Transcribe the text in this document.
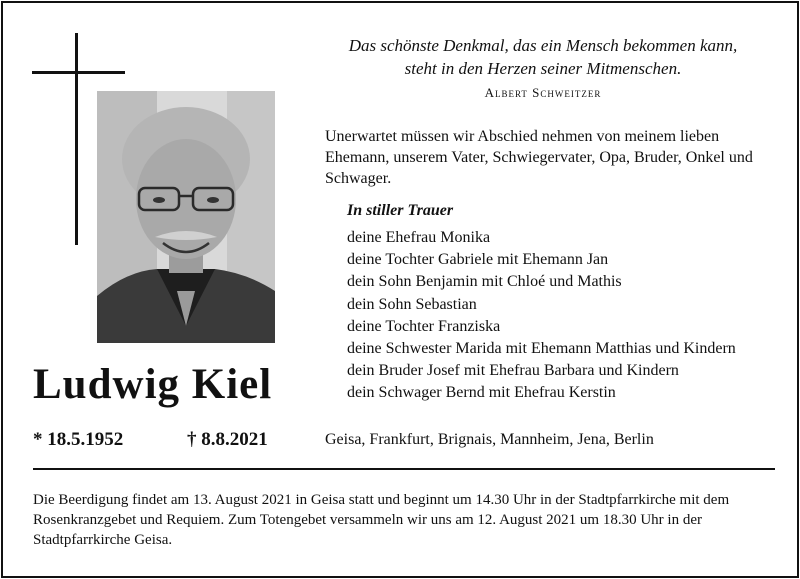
Ludwig Kiel
* 18.5.1952	† 8.8.2021
Das schönste Denkmal, das ein Mensch bekommen kann,
steht in den Herzen seiner Mitmenschen.
Albert Schweitzer
Unerwartet müssen wir Abschied nehmen von meinem lieben Ehemann, unserem Vater, Schwiegervater, Opa, Bruder, Onkel und Schwager.
In stiller Trauer
deine Ehefrau Monika
deine Tochter Gabriele mit Ehemann Jan
dein Sohn Benjamin mit Chloé und Mathis
dein Sohn Sebastian
deine Tochter Franziska
deine Schwester Marida mit Ehemann Matthias und Kindern
dein Bruder Josef mit Ehefrau Barbara und Kindern
dein Schwager Bernd mit Ehefrau Kerstin
Geisa, Frankfurt, Brignais, Mannheim, Jena, Berlin
Die Beerdigung findet am 13. August 2021 in Geisa statt und beginnt um 14.30 Uhr in der Stadtpfarrkirche mit dem Rosenkranzgebet und Requiem. Zum Totengebet versammeln wir uns am 12. August 2021 um 18.30 Uhr in der Stadtpfarrkirche Geisa.
